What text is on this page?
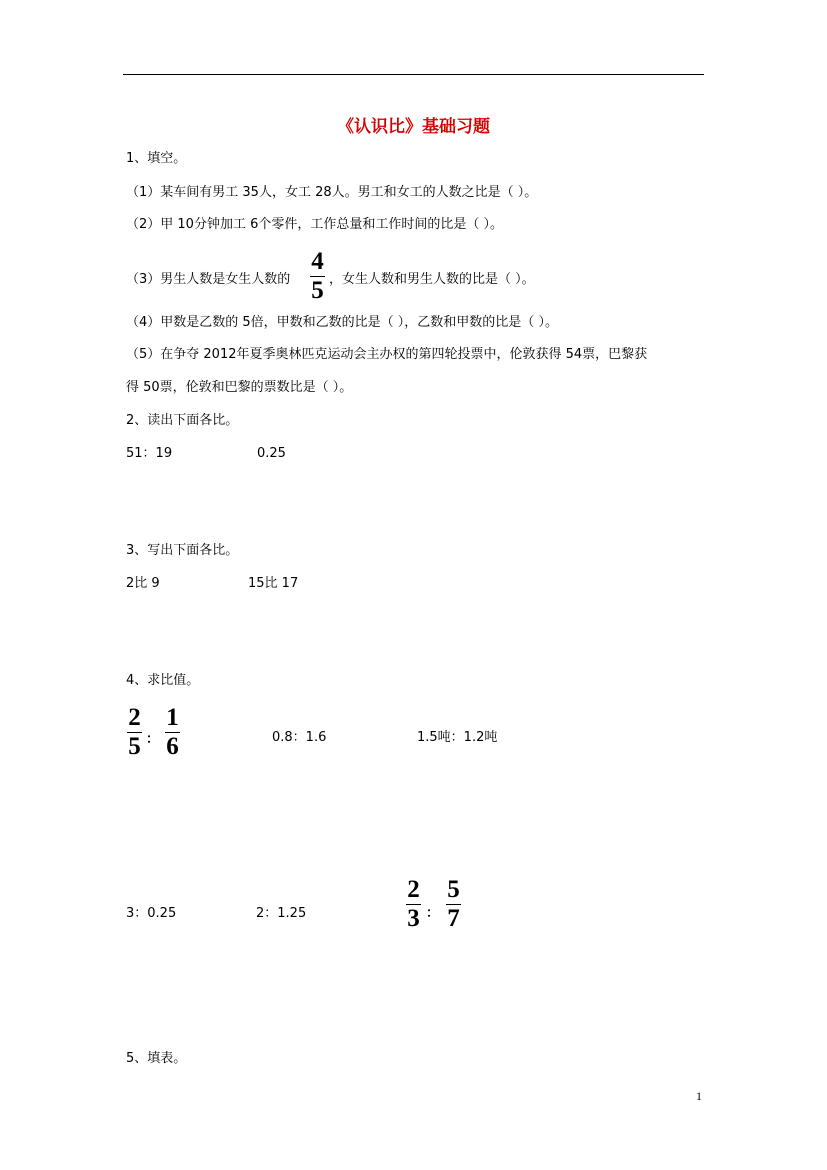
《认识比》基础习题
1、填空。
（1）某车间有男工 35人，女工 28人。男工和女工的人数之比是（ ）。
（2）甲 10分钟加工 6个零件，工作总量和工作时间的比是（ ）。
（3）男生人数是女生人数的
4
5 ，女生人数和男生人数的比是（ ）。
（4）甲数是乙数的 5倍，甲数和乙数的比是（ ），乙数和甲数的比是（ ）。
（5）在争夺 2012年夏季奥林匹克运动会主办权的第四轮投票中，伦敦获得 54票，巴黎获
得 50票，伦敦和巴黎的票数比是（ ）。
2、读出下面各比。
51：19	0.25
3、写出下面各比。
2比 9	15比 17
4、求比值。
2
5 ：
1
6	0.8：1.6	1.5吨：1.2吨
3：0.25	2：1.25
2
3 ：
5
7
5、填表。
1
